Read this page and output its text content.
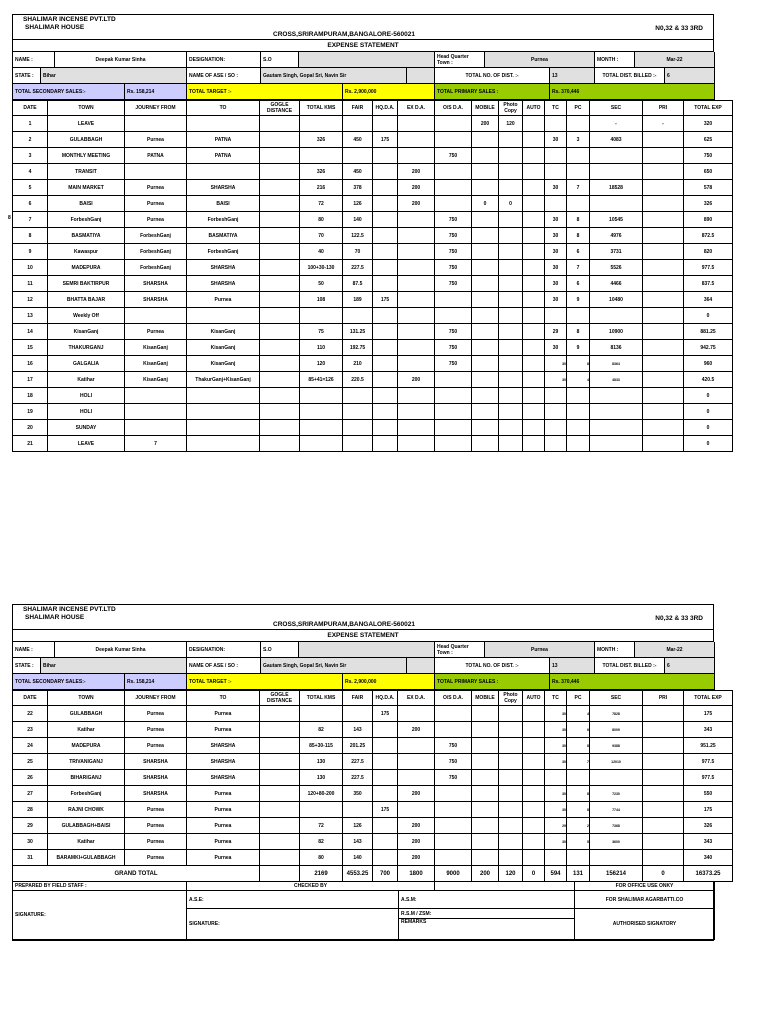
8
SHALIMAR INCENSE PVT.LTD
SHALIMAR HOUSE	N0,32 & 33 3RD
CROSS,SRIRAMPURAM,BANGALORE-560021
EXPENSE STATEMENT
NAME :	Deepak Kumar Sinha	DESIGNATION:	S.O	Head Quarter Town :	Purnea	MONTH :	Mar-22
STATE :	Bihar	NAME OF ASE / SO :	Gautam Singh, Gopal Sri, Navin Sir	TOTAL NO. OF DIST. :-	13	TOTAL DIST. BILLED :-	6
TOTAL SECONDARY SALES:-	Rs. 158,214	TOTAL TARGET :-	Rs. 2,900,000	TOTAL PRIMARY SALES :	Rs. 370,446
DATE	TOWN	JOURNEY FROM	TO	GOGLE DISTANCE	TOTAL KMS	FAIR	HQ.D.A.	EX D.A.	O/S D.A.	MOBILE	Photo Copy	AUTO	TC	PC	SEC	PRI	TOTAL EXP
1	LEAVE									200	120				-	-	320
2	GULABBAGH	Purnea	PATNA		326	450	175						30	3	4083		625
3	MONTHLY MEETING	PATNA	PATNA						750								750
4	TRANSIT				326	450		200									650
5	MAIN MARKET	Purnea	SHARSHA		216	378		200					30	7	18528		578
6	BAISI	Purnea	BAISI		72	126		200		0	0						326
7	ForbeshGanj	Purnea	ForbeshGanj		80	140			750				30	8	10545		890
8	BASMATIYA	ForbeshGanj	BASMATIYA		70	122.5			750				30	8	4976		872.5
9	Kawaspur	ForbeshGanj	ForbeshGanj		40	70			750				30	6	3731		820
10	MADEPURA	ForbeshGanj	SHARSHA		100+30-130	227.5			750				30	7	5526		977.5
11	SEMRI BAKTIRPUR	SHARSHA	SHARSHA		50	87.5			750				30	6	4466		837.5
12	BHATTA BAJAR	SHARSHA	Purnea		108	189	175						30	9	10480		364
13	Weekly Off																0
14	KisanGanj	Purnea	KisanGanj		75	131.25			750				29	8	10900		881.25
15	THAKURGANJ	KisanGanj	KisanGanj		110	192.75			750				30	9	8136		942.75
16	GALGALIA	KisanGanj	KisanGanj		120	210			750				30	8	8364		960
17	Katihar	KisanGanj	ThakurGanj+KisanGanj		85+41=126	220.5		200					30	4	4833		420.5
18	HOLI																0
19	HOLI																0
20	SUNDAY																0
21	LEAVE	7															0
SHALIMAR INCENSE PVT.LTD
SHALIMAR HOUSE	N0,32 & 33 3RD
CROSS,SRIRAMPURAM,BANGALORE-560021
EXPENSE STATEMENT
NAME :	Deepak Kumar Sinha	DESIGNATION:	S.O	Head Quarter Town :	Purnea	MONTH :	Mar-22
STATE :	Bihar	NAME OF ASE / SO :	Gautam Singh, Gopal Sri, Navin Sir	TOTAL NO. OF DIST. :-	13	TOTAL DIST. BILLED :-	6
TOTAL SECONDARY SALES:-	Rs. 158,214	TOTAL TARGET :-	Rs. 2,900,000	TOTAL PRIMARY SALES :	Rs. 370,446
DATE	TOWN	JOURNEY FROM	TO	GOGLE DISTANCE	TOTAL KMS	FAIR	HQ.D.A.	EX D.A.	O/S D.A.	MOBILE	Photo Copy	AUTO	TC	PC	SEC	PRI	TOTAL EXP
22	GULABBAGH	Purnea	Purnea				175						30	4	7828		175
23	Katihar	Purnea	Purnea		82	143		200					30	6	8009		343
24	MADEPURA	Purnea	SHARSHA		85+30-115	201.25			750				30	8	9388		951.25
25	TRIVANIGANJ	SHARSHA	SHARSHA		130	227.5			750				30	7	12010		977.5
26	BIHARIGANJ	SHARSHA	SHARSHA		130	227.5			750								977.5
27	ForbeshGanj	SHARSHA	Purnea		120+80-200	350		200					30	8	7230		550
28	RAJNI CHOWK	Purnea	Purnea				175						30	8	7744		175
29	GULABBAGH+BAISI	Purnea	Purnea		72	126		200					29	2	7368		326
30	Katihar	Purnea	Purnea		82	143		200					30	5	3600		343
31	BARAMKI+GULABBAGH	Purnea	Purnea		80	140		200									340
GRAND TOTAL					2169	4553.25	700	1800	9000	200	120	0	594	131	156214	0	16373.25
PREPARED BY FIELD STAFF :	CHECKED BY	FOR OFFICE USE ONKY
SIGNATURE:
A.S.E:	A.S.M:	FOR SHALIMAR AGARBATTI.CO
SIGNATURE:
R.S.M / ZSM:
REMARKS	AUTHORISED SIGNATORY
